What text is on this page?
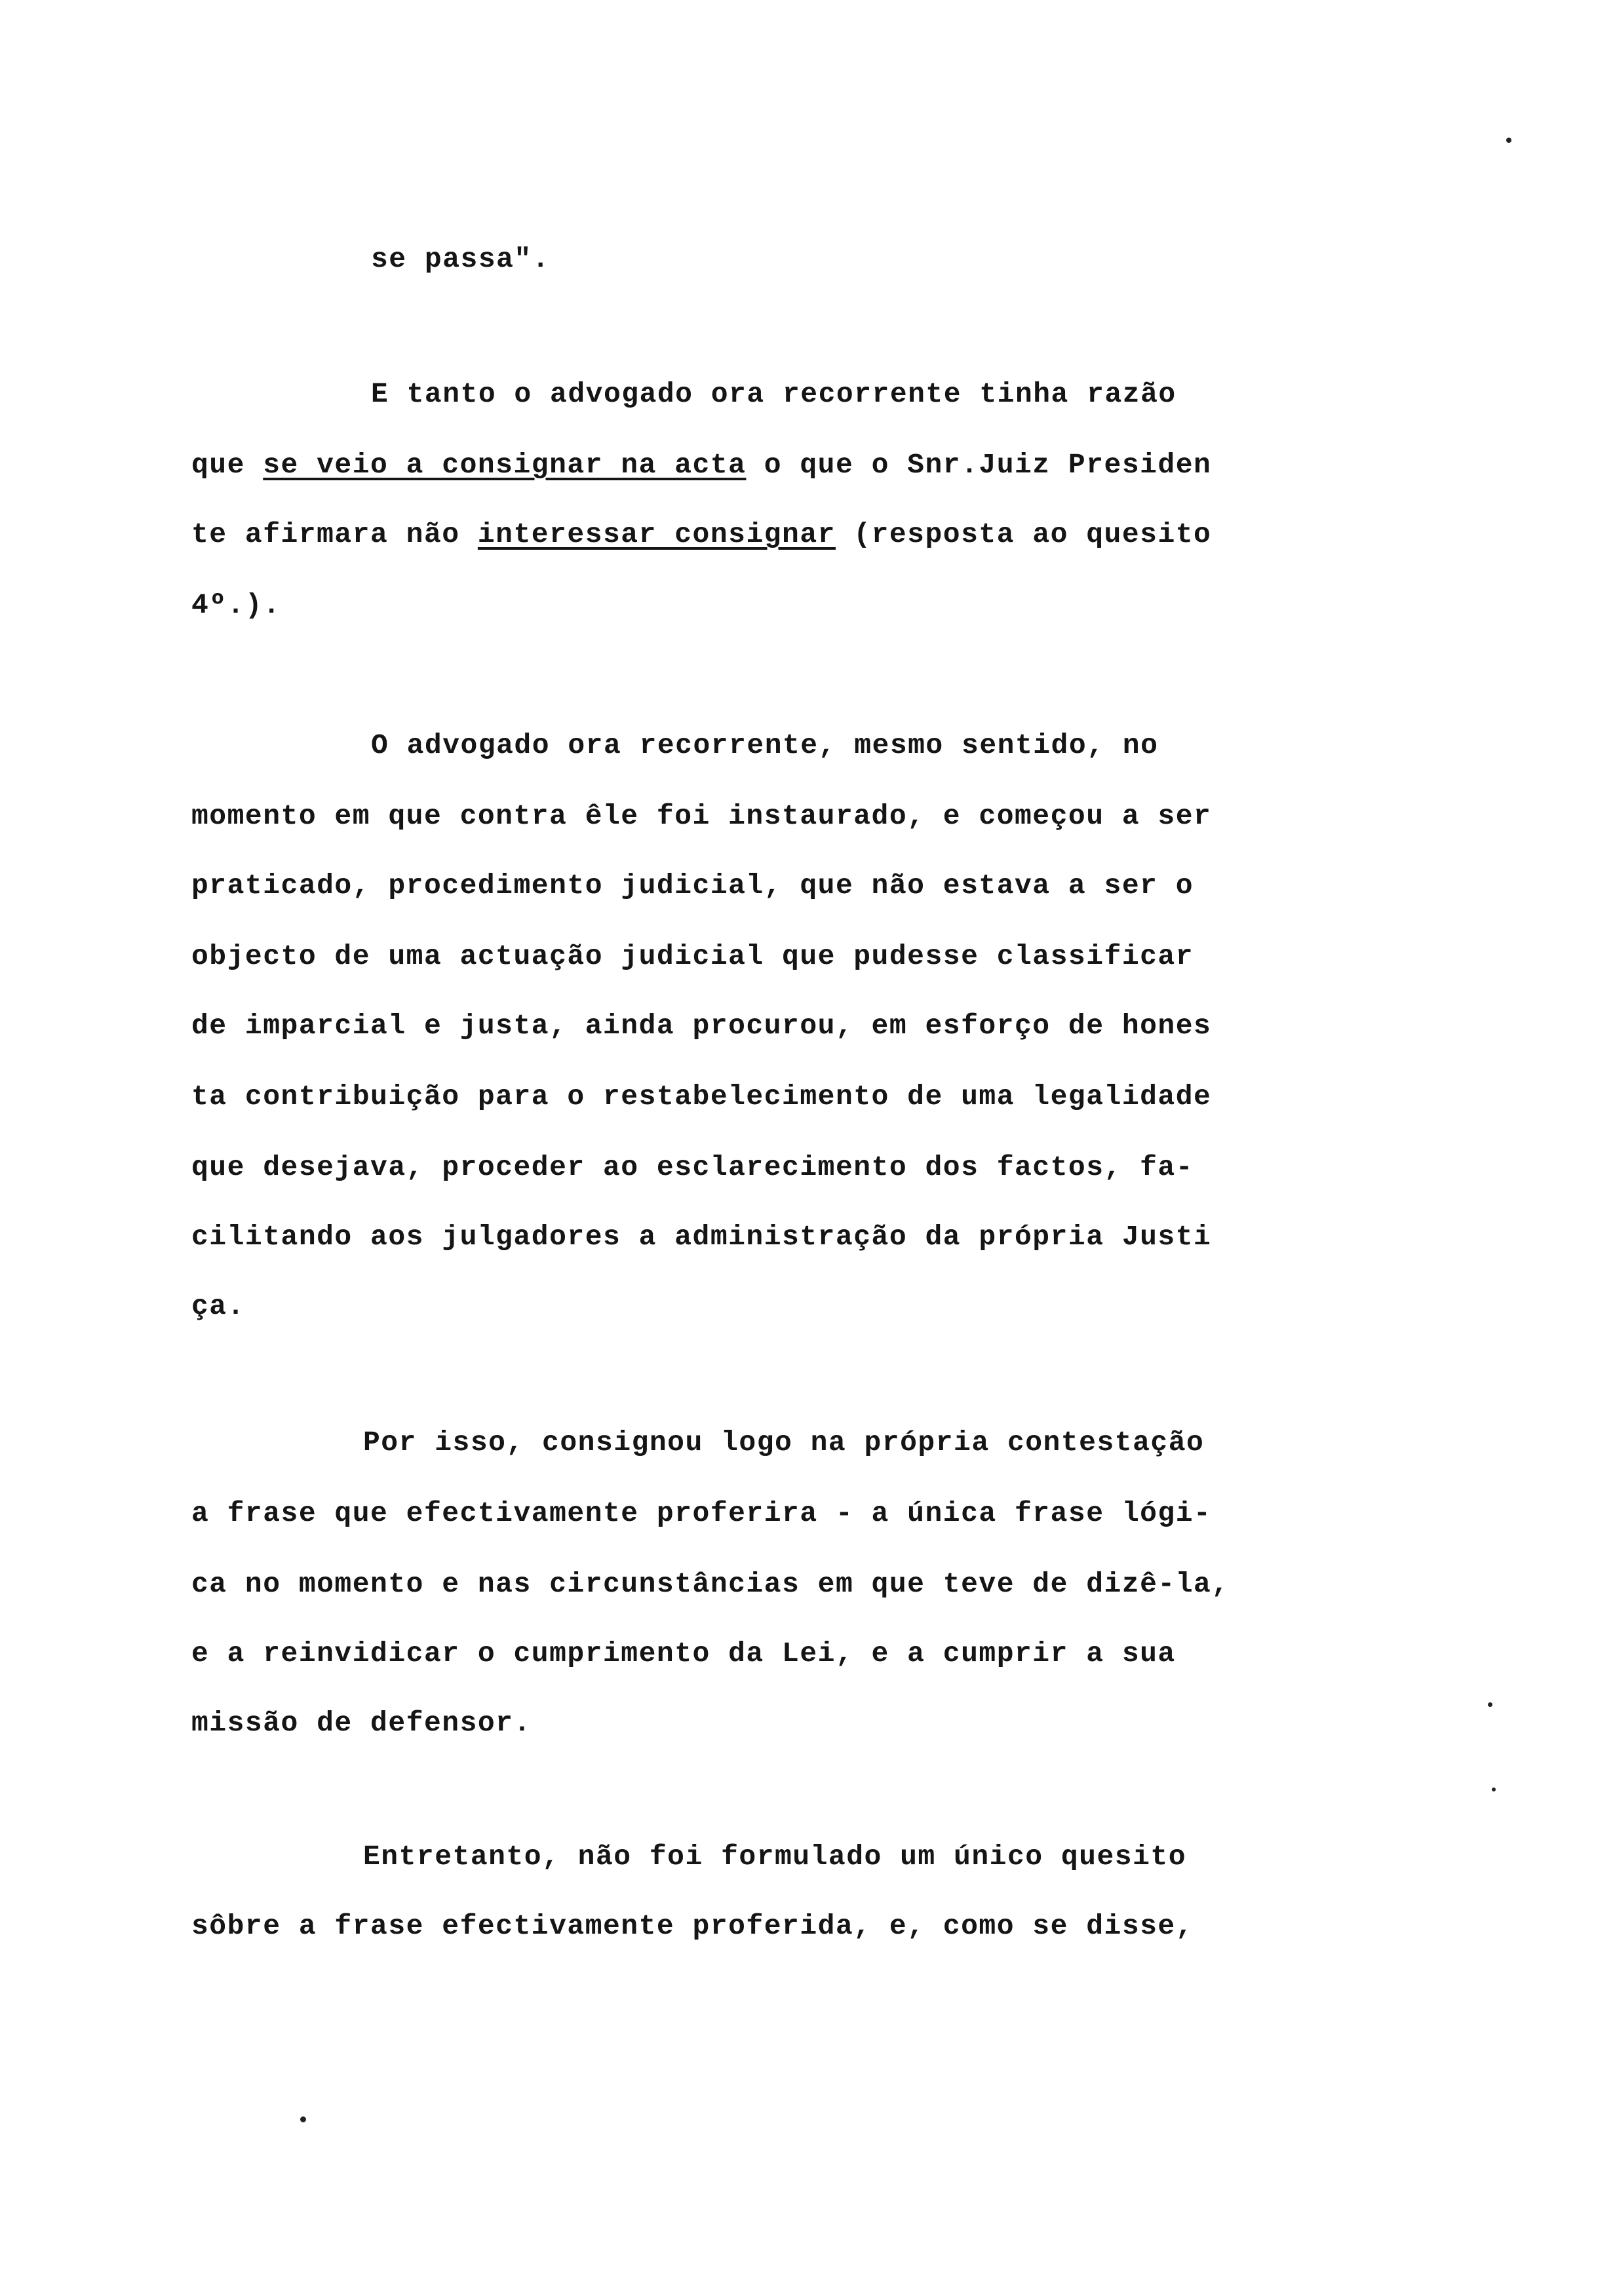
se passa".
E tanto o advogado ora recorrente tinha razão
que se veio a consignar na acta o que o Snr.Juiz Presiden
te afirmara não interessar consignar (resposta ao quesito
4º.).
O advogado ora recorrente, mesmo sentido, no
momento em que contra êle foi instaurado, e começou a ser
praticado, procedimento judicial, que não estava a ser o
objecto de uma actuação judicial que pudesse classificar
de imparcial e justa, ainda procurou, em esforço de hones
ta contribuição para o restabelecimento de uma legalidade
que desejava, proceder ao esclarecimento dos factos, fa-
cilitando aos julgadores a administração da própria Justi
ça.
Por isso, consignou logo na própria contestação
a frase que efectivamente proferira - a única frase lógi-
ca no momento e nas circunstâncias em que teve de dizê-la,
e a reinvidicar o cumprimento da Lei, e a cumprir a sua
missão de defensor.
Entretanto, não foi formulado um único quesito
sôbre a frase efectivamente proferida, e, como se disse,
